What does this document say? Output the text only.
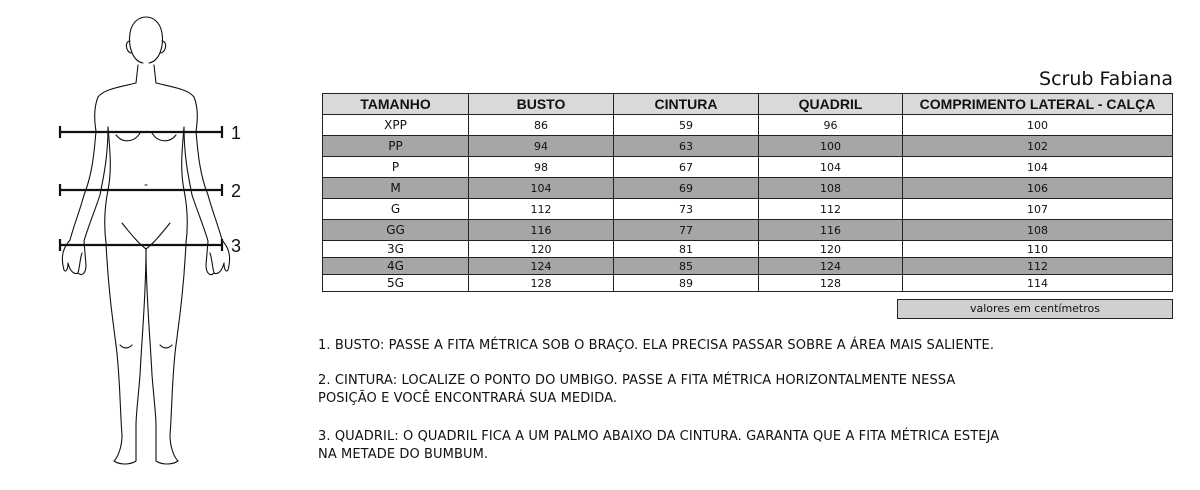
1
2
3
Scrub Fabiana
TAMANHO	BUSTO	CINTURA	QUADRIL	COMPRIMENTO LATERAL - CALÇA
XPP	86	59	96	100
PP	94	63	100	102
P	98	67	104	104
M	104	69	108	106
G	112	73	112	107
GG	116	77	116	108
3G	120	81	120	110
4G	124	85	124	112
5G	128	89	128	114
valores em centímetros
1. BUSTO: PASSE A FITA MÉTRICA SOB O BRAÇO. ELA PRECISA PASSAR SOBRE A ÁREA MAIS SALIENTE.
2. CINTURA: LOCALIZE O PONTO DO UMBIGO. PASSE A FITA MÉTRICA HORIZONTALMENTE NESSA
POSIÇÃO E VOCÊ ENCONTRARÁ SUA MEDIDA.
3. QUADRIL: O QUADRIL FICA A UM PALMO ABAIXO DA CINTURA. GARANTA QUE A FITA MÉTRICA ESTEJA
NA METADE DO BUMBUM.
